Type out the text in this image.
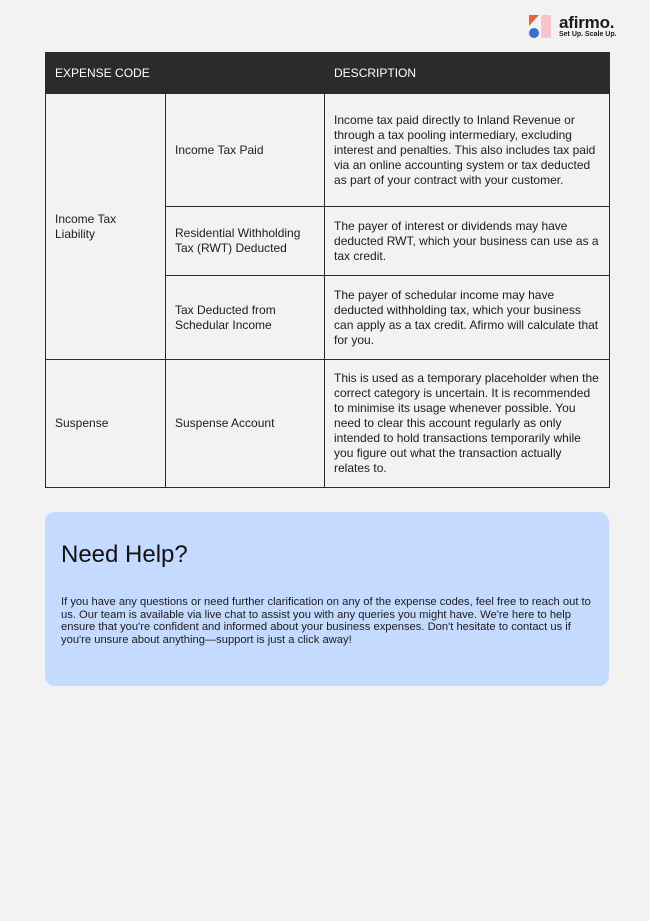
afirmo.
Set Up. Scale Up.
EXPENSE CODE		DESCRIPTION
Income Tax Liability	Income Tax Paid	Income tax paid directly to Inland Revenue or through a tax pooling intermediary, excluding interest and penalties. This also includes tax paid via an online accounting system or tax deducted as part of your contract with your customer.
	Residential Withholding Tax (RWT) Deducted	The payer of interest or dividends may have deducted RWT, which your business can use as a tax credit.
	Tax Deducted from Schedular Income	The payer of schedular income may have deducted withholding tax, which your business can apply as a tax credit. Afirmo will calculate that for you.
Suspense	Suspense Account	This is used as a temporary placeholder when the correct category is uncertain. It is recommended to minimise its usage whenever possible. You need to clear this account regularly as only intended to hold transactions temporarily while you figure out what the transaction actually relates to.
Need Help?

If you have any questions or need further clarification on any of the expense codes, feel free to reach out to us. Our team is available via live chat to assist you with any queries you might have. We're here to help ensure that you're confident and informed about your business expenses. Don't hesitate to contact us if you're unsure about anything—support is just a click away!
